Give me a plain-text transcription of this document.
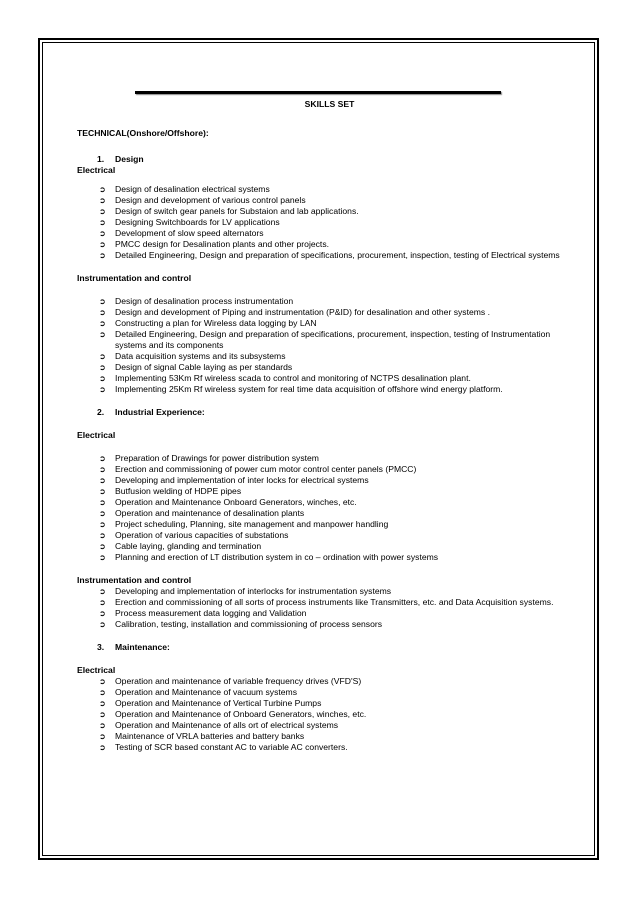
SKILLS SET
TECHNICAL(Onshore/Offshore):
1. Design
Electrical
➲ Design of desalination electrical systems
➲ Design and development of various control panels
➲ Design of switch gear panels for Substaion and lab applications.
➲ Designing Switchboards for LV applications
➲ Development of slow speed alternators
➲ PMCC design for Desalination plants and other projects.
➲ Detailed Engineering, Design and preparation of specifications, procurement, inspection, testing of Electrical systems
Instrumentation and control
➲ Design of desalination process instrumentation
➲ Design and development of Piping and instrumentation (P&ID) for desalination and other systems .
➲ Constructing a plan for Wireless data logging by LAN
➲ Detailed Engineering, Design and preparation of specifications, procurement, inspection, testing of Instrumentation systems and its components
➲ Data acquisition systems and its subsystems
➲ Design of signal Cable laying as per standards
➲ Implementing 53Km Rf wireless scada to control and monitoring of NCTPS desalination plant.
➲ Implementing 25Km Rf wireless system for real time data acquisition of offshore wind energy platform.
2. Industrial Experience:
Electrical
➲ Preparation of Drawings for power distribution system
➲ Erection and commissioning of power cum motor control center panels (PMCC)
➲ Developing and implementation of inter locks for electrical systems
➲ Butfusion welding of HDPE pipes
➲ Operation and Maintenance Onboard Generators, winches, etc.
➲ Operation and maintenance of desalination plants
➲ Project scheduling, Planning, site management and manpower handling
➲ Operation of various capacities of substations
➲ Cable laying, glanding and termination
➲ Planning and erection of LT distribution system in co – ordination with power systems
Instrumentation and control
➲ Developing and implementation of interlocks for instrumentation systems
➲ Erection and commissioning of all sorts of process instruments like Transmitters, etc. and Data Acquisition systems.
➲ Process measurement data logging and Validation
➲ Calibration, testing, installation and commissioning of process sensors
3. Maintenance:
Electrical
➲ Operation and maintenance of variable frequency drives (VFD'S)
➲ Operation and Maintenance of vacuum systems
➲ Operation and Maintenance of Vertical Turbine Pumps
➲ Operation and Maintenance of Onboard Generators, winches, etc.
➲ Operation and Maintenance of alls ort of electrical systems
➲ Maintenance of VRLA batteries and battery banks
➲ Testing of SCR based constant AC to variable AC converters.
